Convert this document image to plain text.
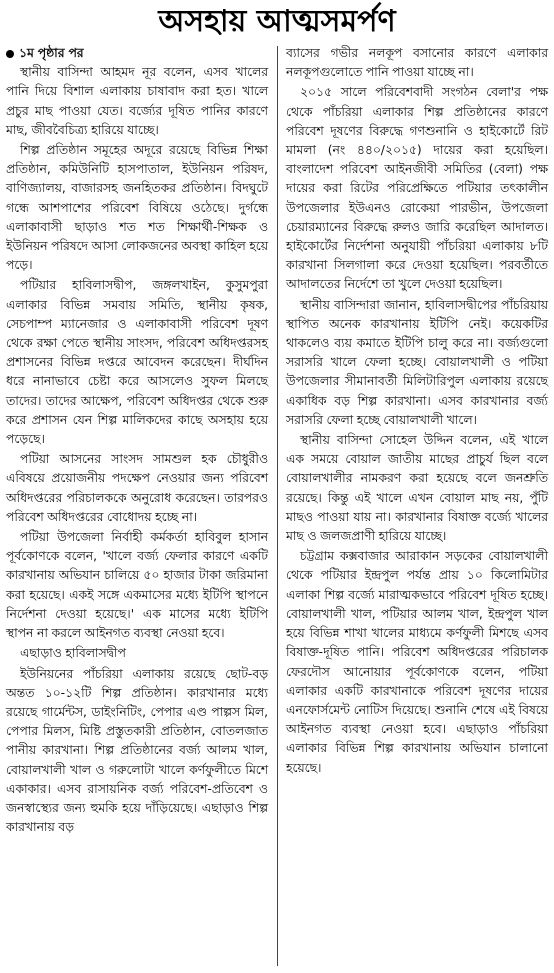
অসহায় আত্মসমর্পণ
১ম পৃষ্ঠার পর

স্থানীয় বাসিন্দা আহমদ নূর বলেন, এসব খালের পানি দিয়ে বিশাল এলাকায় চাষাবাদ করা হত। খালে প্রচুর মাছ পাওয়া যেত। বর্জ্যের দূষিত পানির কারণে মাছ, জীববৈচিত্র্য হারিয়ে যাচ্ছে।

শিল্প প্রতিষ্ঠান সমূহের অদূরে রয়েছে বিভিন্ন শিক্ষা প্রতিষ্ঠান, কমিউনিটি হাসপাতাল, ইউনিয়ন পরিষদ, বাণিজ্যালয়, বাজারসহ জনহিতকর প্রতিষ্ঠান। বিদঘুটে গন্ধে আশপাশের পরিবেশ বিষিয়ে ওঠেছে। দুর্গন্ধে এলাকাবাসী ছাড়াও শত শত শিক্ষার্থী-শিক্ষক ও ইউনিয়ন পরিষদে আসা লোকজনের অবস্থা কাহিল হয়ে পড়ে।

পটিয়ার হাবিলাসদ্বীপ, জঙ্গলখাইন, কুসুমপুরা এলাকার বিভিন্ন সমবায় সমিতি, স্থানীয় কৃষক, সেচপাম্প ম্যানেজার ও এলাকাবাসী পরিবেশ দূষণ থেকে রক্ষা পেতে স্থানীয় সাংসদ, পরিবেশ অধিদপ্তরসহ প্রশাসনের বিভিন্ন দপ্তরে আবেদন করেছেন। দীর্ঘদিন ধরে নানাভাবে চেষ্টা করে আসলেও সুফল মিলছে তাদের। তাদের আক্ষেপ, পরিবেশ অধিদপ্তর থেকে শুরু করে প্রশাসন যেন শিল্প মালিকদের কাছে অসহায় হয়ে পড়েছে।

পটিয়া আসনের সাংসদ সামশুল হক চৌধুরীও এবিষয়ে প্রয়োজনীয় পদক্ষেপ নেওয়ার জন্য পরিবেশ অধিদপ্তরের পরিচালককে অনুরোধ করেছেন। তারপরও পরিবেশ অধিদপ্তরের বোধোদয় হচ্ছে না।

পটিয়া উপজেলা নির্বাহী কর্মকর্তা হাবিবুল হাসান পূর্বকোণকে বলেন, 'খালে বর্জ্য ফেলার কারণে একটি কারখানায় অভিযান চালিয়ে ৫০ হাজার টাকা জরিমানা করা হয়েছে। একই সঙ্গে একমাসের মধ্যে ইটিপি স্থাপনে নির্দেশনা দেওয়া হয়েছে।' এক মাসের মধ্যে ইটিপি স্থাপন না করলে আইনগত ব্যবস্থা নেওয়া হবে।

এছাড়াও হাবিলাসদ্বীপ

ইউনিয়নের পাঁচরিয়া এলাকায় রয়েছে ছোট-বড় অন্তত ১০-১২টি শিল্প প্রতিষ্ঠান। কারখানার মধ্যে রয়েছে গার্মেন্টস, ডাইংনিটিং, পেপার এণ্ড পাল্পস মিল, পেপার মিলস, মিষ্টি প্রস্তুতকারী প্রতিষ্ঠান, বোতলজাত পানীয় কারখানা। শিল্প প্রতিষ্ঠানের বর্জ্য আলম খাল, বোয়ালখালী খাল ও গরুলোটা খালে কর্ণফুলীতে মিশে একাকার। এসব রাসায়নিক বর্জ্য পরিবেশ-প্রতিবেশ ও জনস্বাস্থ্যের জন্য হুমকি হয়ে দাঁড়িয়েছে। এছাড়াও শিল্প কারখানায় বড়

ব্যাসের গভীর নলকূপ বসানোর কারণে এলাকার নলকূপগুলোতে পানি পাওয়া যাচ্ছে না।

২০১৫ সালে পরিবেশবাদী সংগঠন বেলা'র পক্ষ থেকে পাঁচরিয়া এলাকার শিল্প প্রতিষ্ঠানের কারণে পরিবেশ দূষণের বিরুদ্ধে গণশুনানি ও হাইকোর্টে রিট মামলা (নং ৪৪০/২০১৫) দায়ের করা হয়েছিল। বাংলাদেশ পরিবেশ আইনজীবী সমিতির (বেলা) পক্ষ দায়ের করা রিটের পরিপ্রেক্ষিতে পটিয়ার তৎকালীন উপজেলার ইউএনও রোকেয়া পারভীন, উপজেলা চেয়ারম্যানের বিরুদ্ধে রুলও জারি করেছিল আদালত। হাইকোর্টের নির্দেশনা অনুযায়ী পাঁচরিয়া এলাকায় ৮টি কারখানা সিলগালা করে দেওয়া হয়েছিল। পরবর্তীতে আদালতের নির্দেশে তা খুলে দেওয়া হয়েছিল।

স্থানীয় বাসিন্দারা জানান, হাবিলাসদ্বীপের পাঁচরিয়ায় স্থাপিত অনেক কারখানায় ইটিপি নেই। কয়েকটির থাকলেও ব্যয় কমাতে ইটিপি চালু করে না। বর্জ্যগুলো সরাসরি খালে ফেলা হচ্ছে। বোয়ালখালী ও পটিয়া উপজেলার সীমানাবর্তী মিলিটারিপুল এলাকায় রয়েছে একাধিক বড় শিল্প কারখানা। এসব কারখানার বর্জ্য সরাসরি ফেলা হচ্ছে বোয়ালখালী খালে।

স্থানীয় বাসিন্দা সোহেল উদ্দিন বলেন, এই খালে এক সময়ে বোয়াল জাতীয় মাছের প্রাচুর্য ছিল বলে বোয়ালখালীর নামকরণ করা হয়েছে বলে জনশ্রুতি রয়েছে। কিন্তু এই খালে এখন বোয়াল মাছ নয়, পুঁটি মাছও পাওয়া যায় না। কারখানার বিষাক্ত বর্জ্যে খালের মাছ ও জলজপ্রাণী হারিয়ে যাচ্ছে।

চট্টগ্রাম কক্সবাজার আরাকান সড়কের বোয়ালখালী থেকে পটিয়ার ইন্দ্রপুল পর্যন্ত প্রায় ১০ কিলোমিটার এলাকা শিল্প বর্জ্যে মারাত্মকভাবে পরিবেশ দূষিত হচ্ছে। বোয়ালখালী খাল, পটিয়ার আলম খাল, ইন্দ্রপুল খাল হয়ে বিভিন্ন শাখা খালের মাধ্যমে কর্ণফুলী মিশছে এসব বিষাক্ত-দূষিত পানি। পরিবেশ অধিদপ্তরের পরিচালক ফেরদৌস আনোয়ার পূর্বকোণকে বলেন, পটিয়া এলাকার একটি কারখানাকে পরিবেশ দূষণের দায়ের এনফোর্সমেন্ট নোটিস দিয়েছে। শুনানি শেষে এই বিষয়ে আইনগত ব্যবস্থা নেওয়া হবে। এছাড়াও পাঁচরিয়া এলাকার বিভিন্ন শিল্প কারখানায় অভিযান চালানো হয়েছে।
